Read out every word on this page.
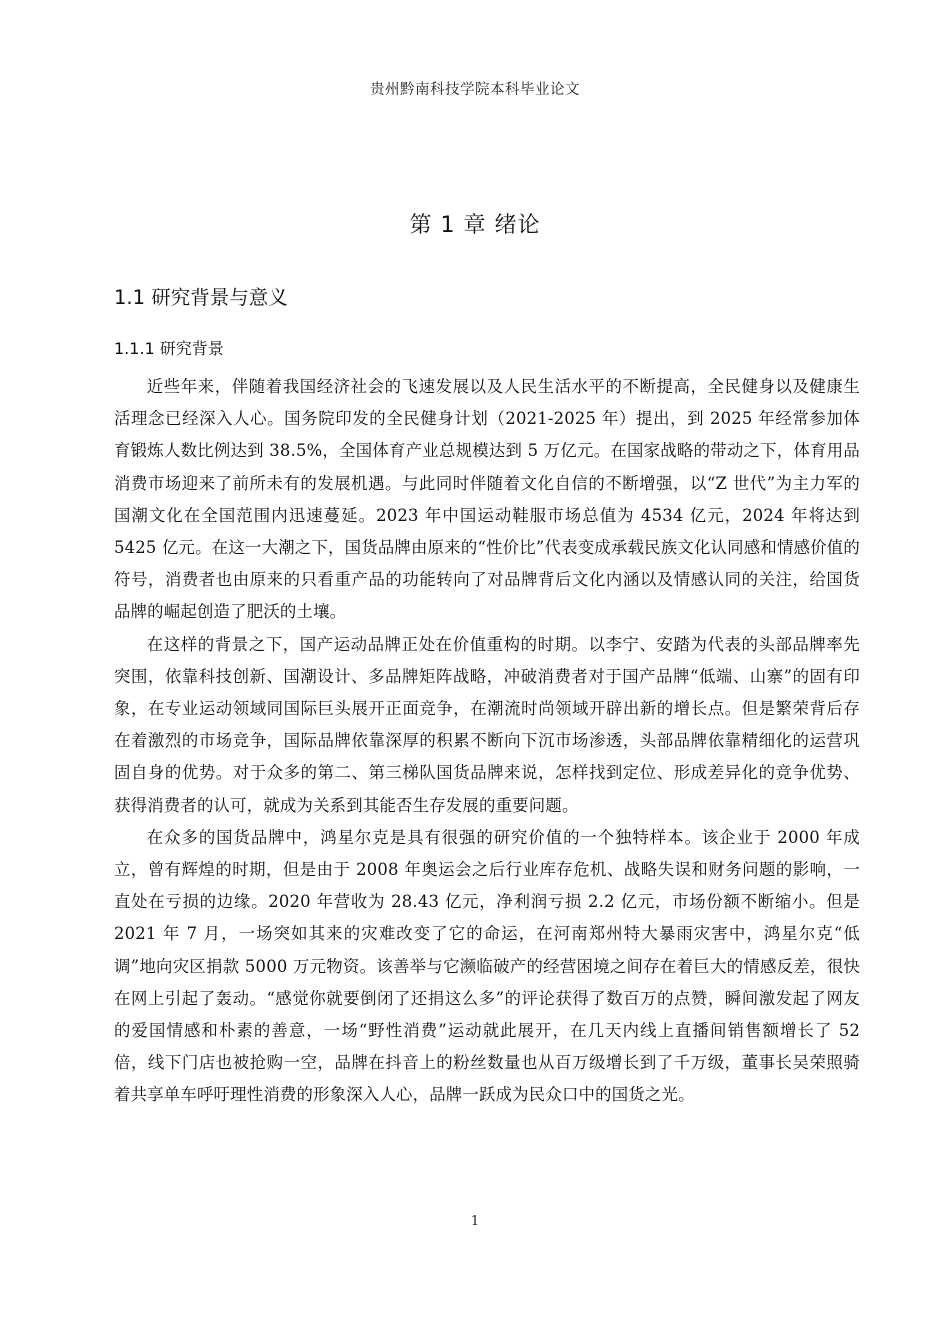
贵州黔南科技学院本科毕业论文
第 1 章 绪论
1.1 研究背景与意义
1.1.1 研究背景

近些年来，伴随着我国经济社会的飞速发展以及人民生活水平的不断提高，全民健身以及健康生活理念已经深入人心。国务院印发的全民健身计划（2021-2025 年）提出，到 2025 年经常参加体育锻炼人数比例达到 38.5%，全国体育产业总规模达到 5 万亿元。在国家战略的带动之下，体育用品消费市场迎来了前所未有的发展机遇。与此同时伴随着文化自信的不断增强，以“Z 世代”为主力军的国潮文化在全国范围内迅速蔓延。2023 年中国运动鞋服市场总值为 4534 亿元，2024 年将达到 5425 亿元。在这一大潮之下，国货品牌由原来的“性价比”代表变成承载民族文化认同感和情感价值的符号，消费者也由原来的只看重产品的功能转向了对品牌背后文化内涵以及情感认同的关注，给国货品牌的崛起创造了肥沃的土壤。

在这样的背景之下，国产运动品牌正处在价值重构的时期。以李宁、安踏为代表的头部品牌率先突围，依靠科技创新、国潮设计、多品牌矩阵战略，冲破消费者对于国产品牌“低端、山寨”的固有印象，在专业运动领域同国际巨头展开正面竞争，在潮流时尚领域开辟出新的增长点。但是繁荣背后存在着激烈的市场竞争，国际品牌依靠深厚的积累不断向下沉市场渗透，头部品牌依靠精细化的运营巩固自身的优势。对于众多的第二、第三梯队国货品牌来说，怎样找到定位、形成差异化的竞争优势、获得消费者的认可，就成为关系到其能否生存发展的重要问题。

在众多的国货品牌中，鸿星尔克是具有很强的研究价值的一个独特样本。该企业于 2000 年成立，曾有辉煌的时期，但是由于 2008 年奥运会之后行业库存危机、战略失误和财务问题的影响，一直处在亏损的边缘。2020 年营收为 28.43 亿元，净利润亏损 2.2 亿元，市场份额不断缩小。但是 2021 年 7 月，一场突如其来的灾难改变了它的命运，在河南郑州特大暴雨灾害中，鸿星尔克“低调”地向灾区捐款 5000 万元物资。该善举与它濒临破产的经营困境之间存在着巨大的情感反差，很快在网上引起了轰动。“感觉你就要倒闭了还捐这么多”的评论获得了数百万的点赞，瞬间激发起了网友的爱国情感和朴素的善意，一场“野性消费”运动就此展开，在几天内线上直播间销售额增长了 52 倍，线下门店也被抢购一空，品牌在抖音上的粉丝数量也从百万级增长到了千万级，董事长吴荣照骑着共享单车呼吁理性消费的形象深入人心，品牌一跃成为民众口中的国货之光。

1
